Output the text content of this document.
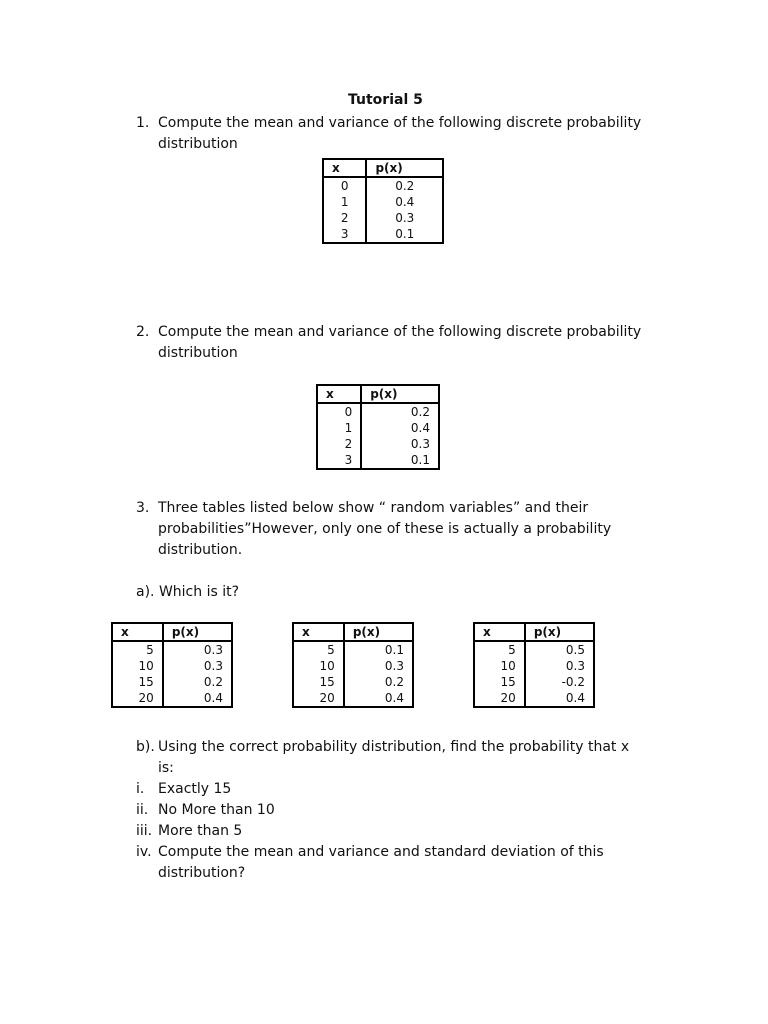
Tutorial 5
1. Compute the mean and variance of the following discrete probability
distribution
x	p(x)
0	0.2
1	0.4
2	0.3
3	0.1
2. Compute the mean and variance of the following discrete probability
distribution
x	p(x)
0	0.2
1	0.4
2	0.3
3	0.1
3. Three tables listed below show “ random variables” and their
probabilities”However, only one of these is actually a probability
distribution.
a). Which is it?
x	p(x)
5	0.3
10	0.3
15	0.2
20	0.4
x	p(x)
5	0.1
10	0.3
15	0.2
20	0.4
x	p(x)
5	0.5
10	0.3
15	-0.2
20	0.4
b). Using the correct probability distribution, find the probability that x
is:
i. Exactly 15
ii. No More than 10
iii. More than 5
iv. Compute the mean and variance and standard deviation of this
distribution?
